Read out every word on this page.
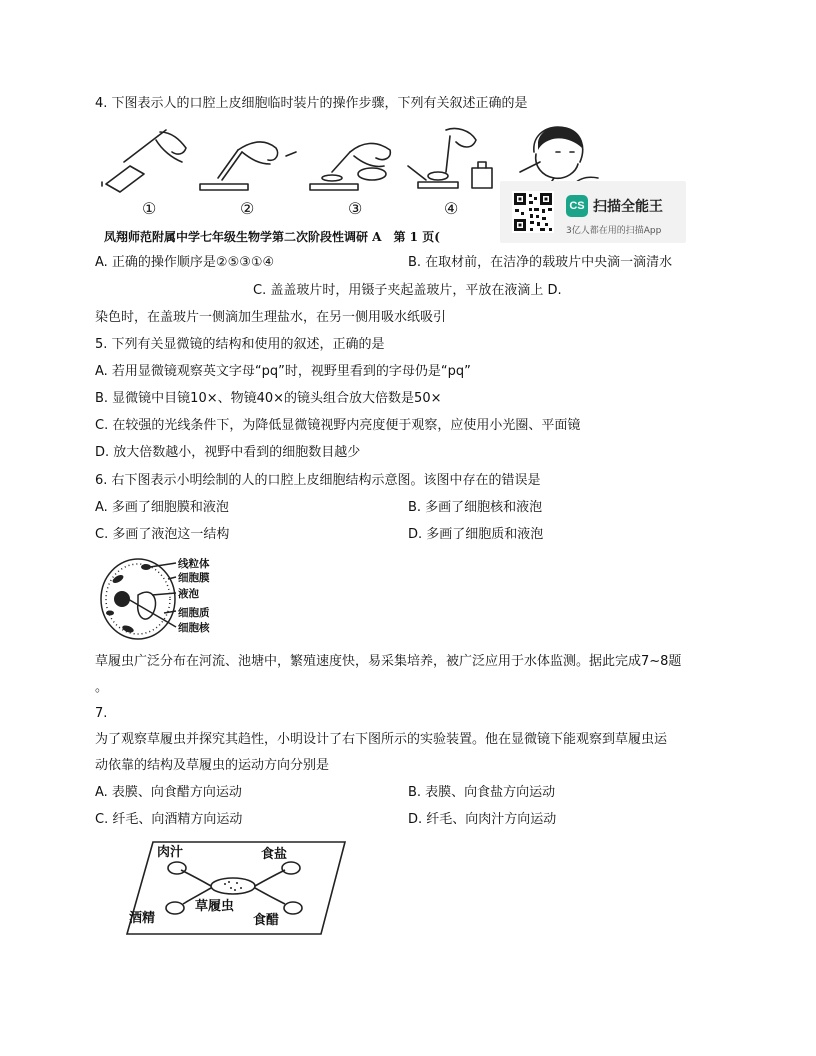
4. 下图表示人的口腔上皮细胞临时装片的操作步骤，下列有关叙述正确的是
①	②	③	④
凤翔师范附属中学七年级生物学第二次阶段性调研 A　第 1 页(
CS 扫描全能王
3亿人都在用的扫描App
A. 正确的操作顺序是②⑤③①④	B. 在取材前，在洁净的载玻片中央滴一滴清水
C. 盖盖玻片时，用镊子夹起盖玻片，平放在液滴上 D.
染色时，在盖玻片一侧滴加生理盐水，在另一侧用吸水纸吸引
5. 下列有关显微镜的结构和使用的叙述，正确的是
A. 若用显微镜观察英文字母“pq”时，视野里看到的字母仍是“pq”
B. 显微镜中目镜10×、物镜40×的镜头组合放大倍数是50×
C. 在较强的光线条件下，为降低显微镜视野内亮度便于观察，应使用小光圈、平面镜
D. 放大倍数越小，视野中看到的细胞数目越少
6. 右下图表示小明绘制的人的口腔上皮细胞结构示意图。该图中存在的错误是
A. 多画了细胞膜和液泡	B. 多画了细胞核和液泡
C. 多画了液泡这一结构	D. 多画了细胞质和液泡
线粒体
细胞膜
液泡
细胞质
细胞核
草履虫广泛分布在河流、池塘中，繁殖速度快，易采集培养，被广泛应用于水体监测。据此完成7~8题
。
7.
为了观察草履虫并探究其趋性，小明设计了右下图所示的实验装置。他在显微镜下能观察到草履虫运
动依靠的结构及草履虫的运动方向分别是
A. 表膜、向食醋方向运动	B. 表膜、向食盐方向运动
C. 纤毛、向酒精方向运动	D. 纤毛、向肉汁方向运动
肉汁	食盐
酒精	食醋
草履虫
